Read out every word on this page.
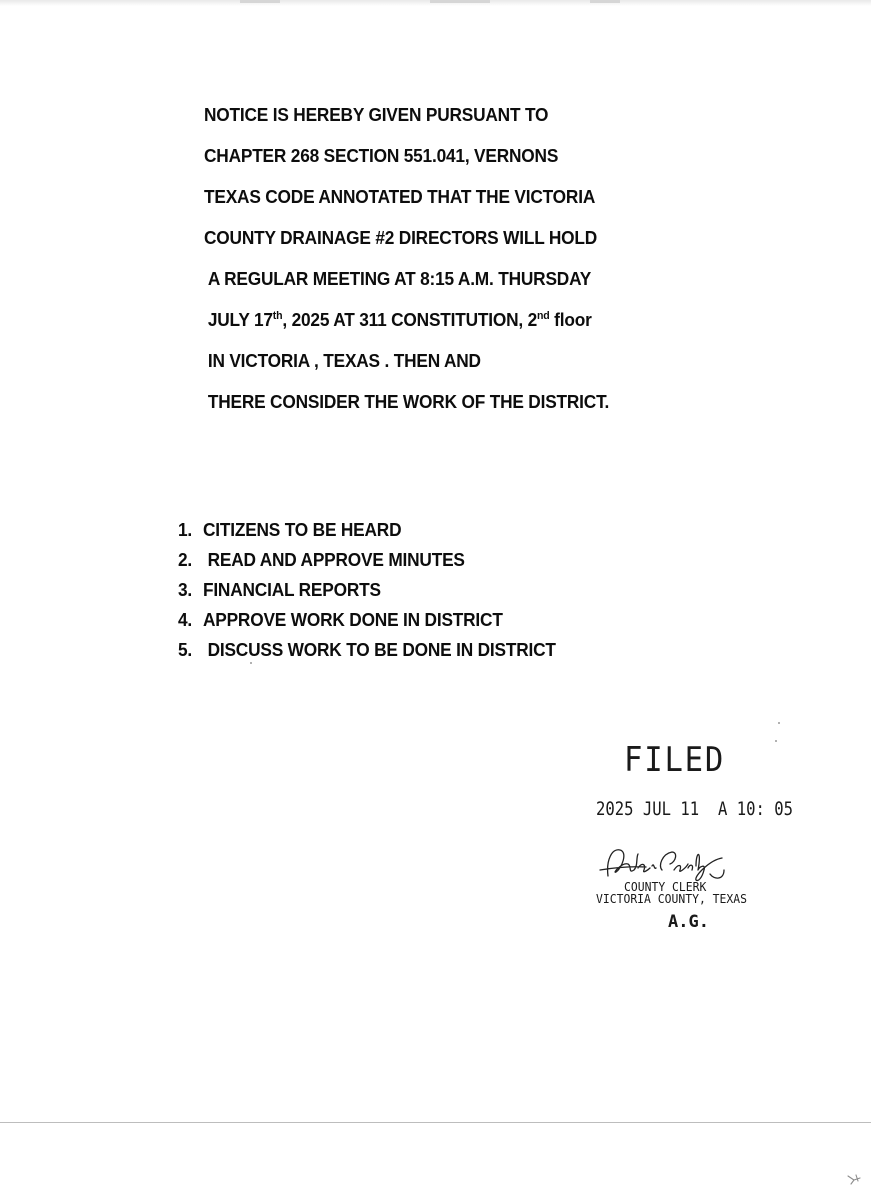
NOTICE IS HEREBY GIVEN PURSUANT TO
CHAPTER 268 SECTION 551.041, VERNONS
TEXAS CODE ANNOTATED THAT THE VICTORIA
COUNTY DRAINAGE #2 DIRECTORS WILL HOLD
A REGULAR MEETING AT 8:15 A.M. THURSDAY
JULY 17th, 2025 AT 311 CONSTITUTION, 2nd floor
IN VICTORIA , TEXAS . THEN AND
THERE CONSIDER THE WORK OF THE DISTRICT.
1. CITIZENS TO BE HEARD
2. READ AND APPROVE MINUTES
3. FINANCIAL REPORTS
4. APPROVE WORK DONE IN DISTRICT
5. DISCUSS WORK TO BE DONE IN DISTRICT
FILED
2025 JUL 11  A 10: 05
COUNTY CLERK
VICTORIA COUNTY, TEXAS
A.G.
